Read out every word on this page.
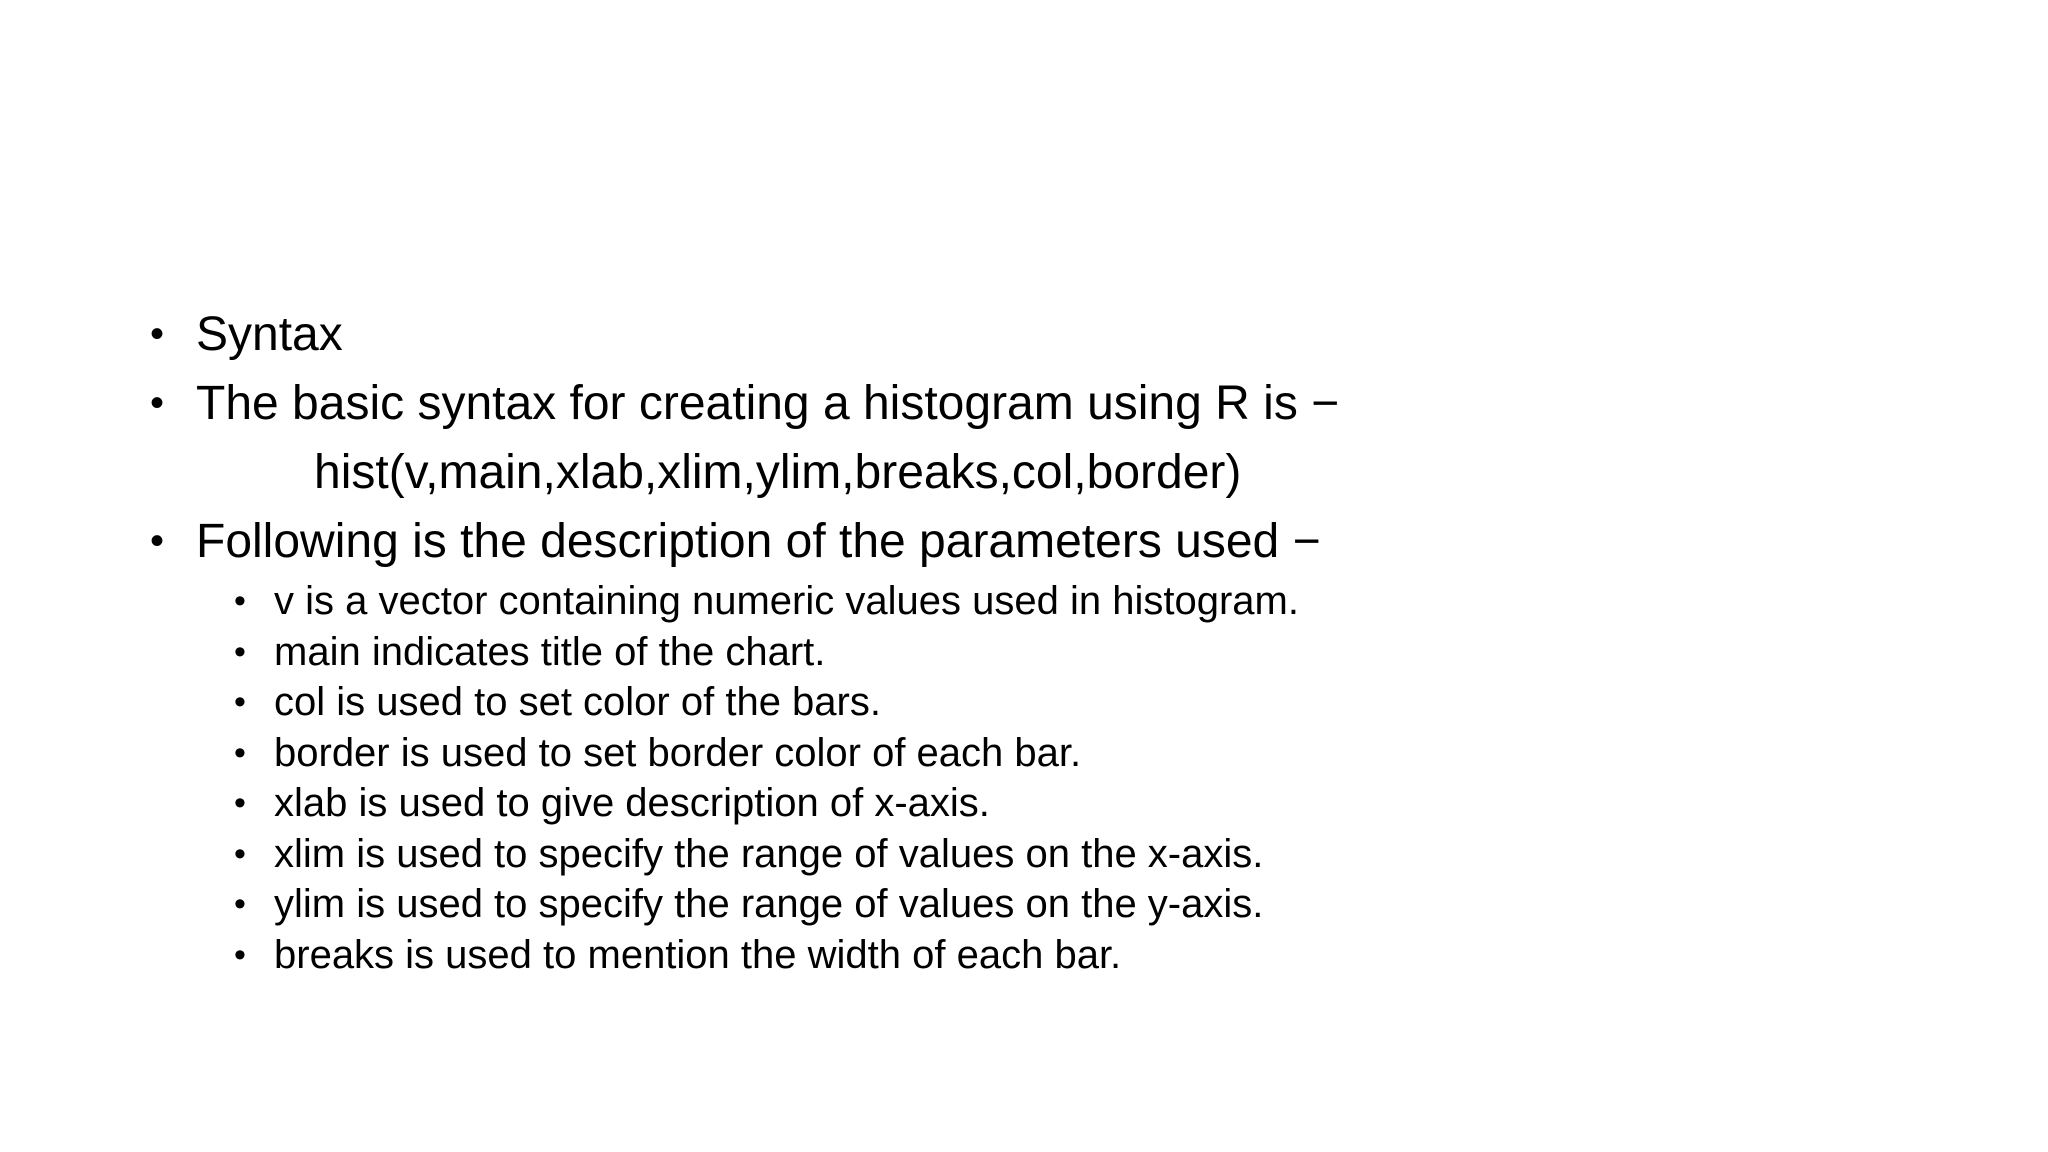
• Syntax
• The basic syntax for creating a histogram using R is −
hist(v,main,xlab,xlim,ylim,breaks,col,border)
• Following is the description of the parameters used −
• v is a vector containing numeric values used in histogram.
• main indicates title of the chart.
• col is used to set color of the bars.
• border is used to set border color of each bar.
• xlab is used to give description of x-axis.
• xlim is used to specify the range of values on the x-axis.
• ylim is used to specify the range of values on the y-axis.
• breaks is used to mention the width of each bar.
